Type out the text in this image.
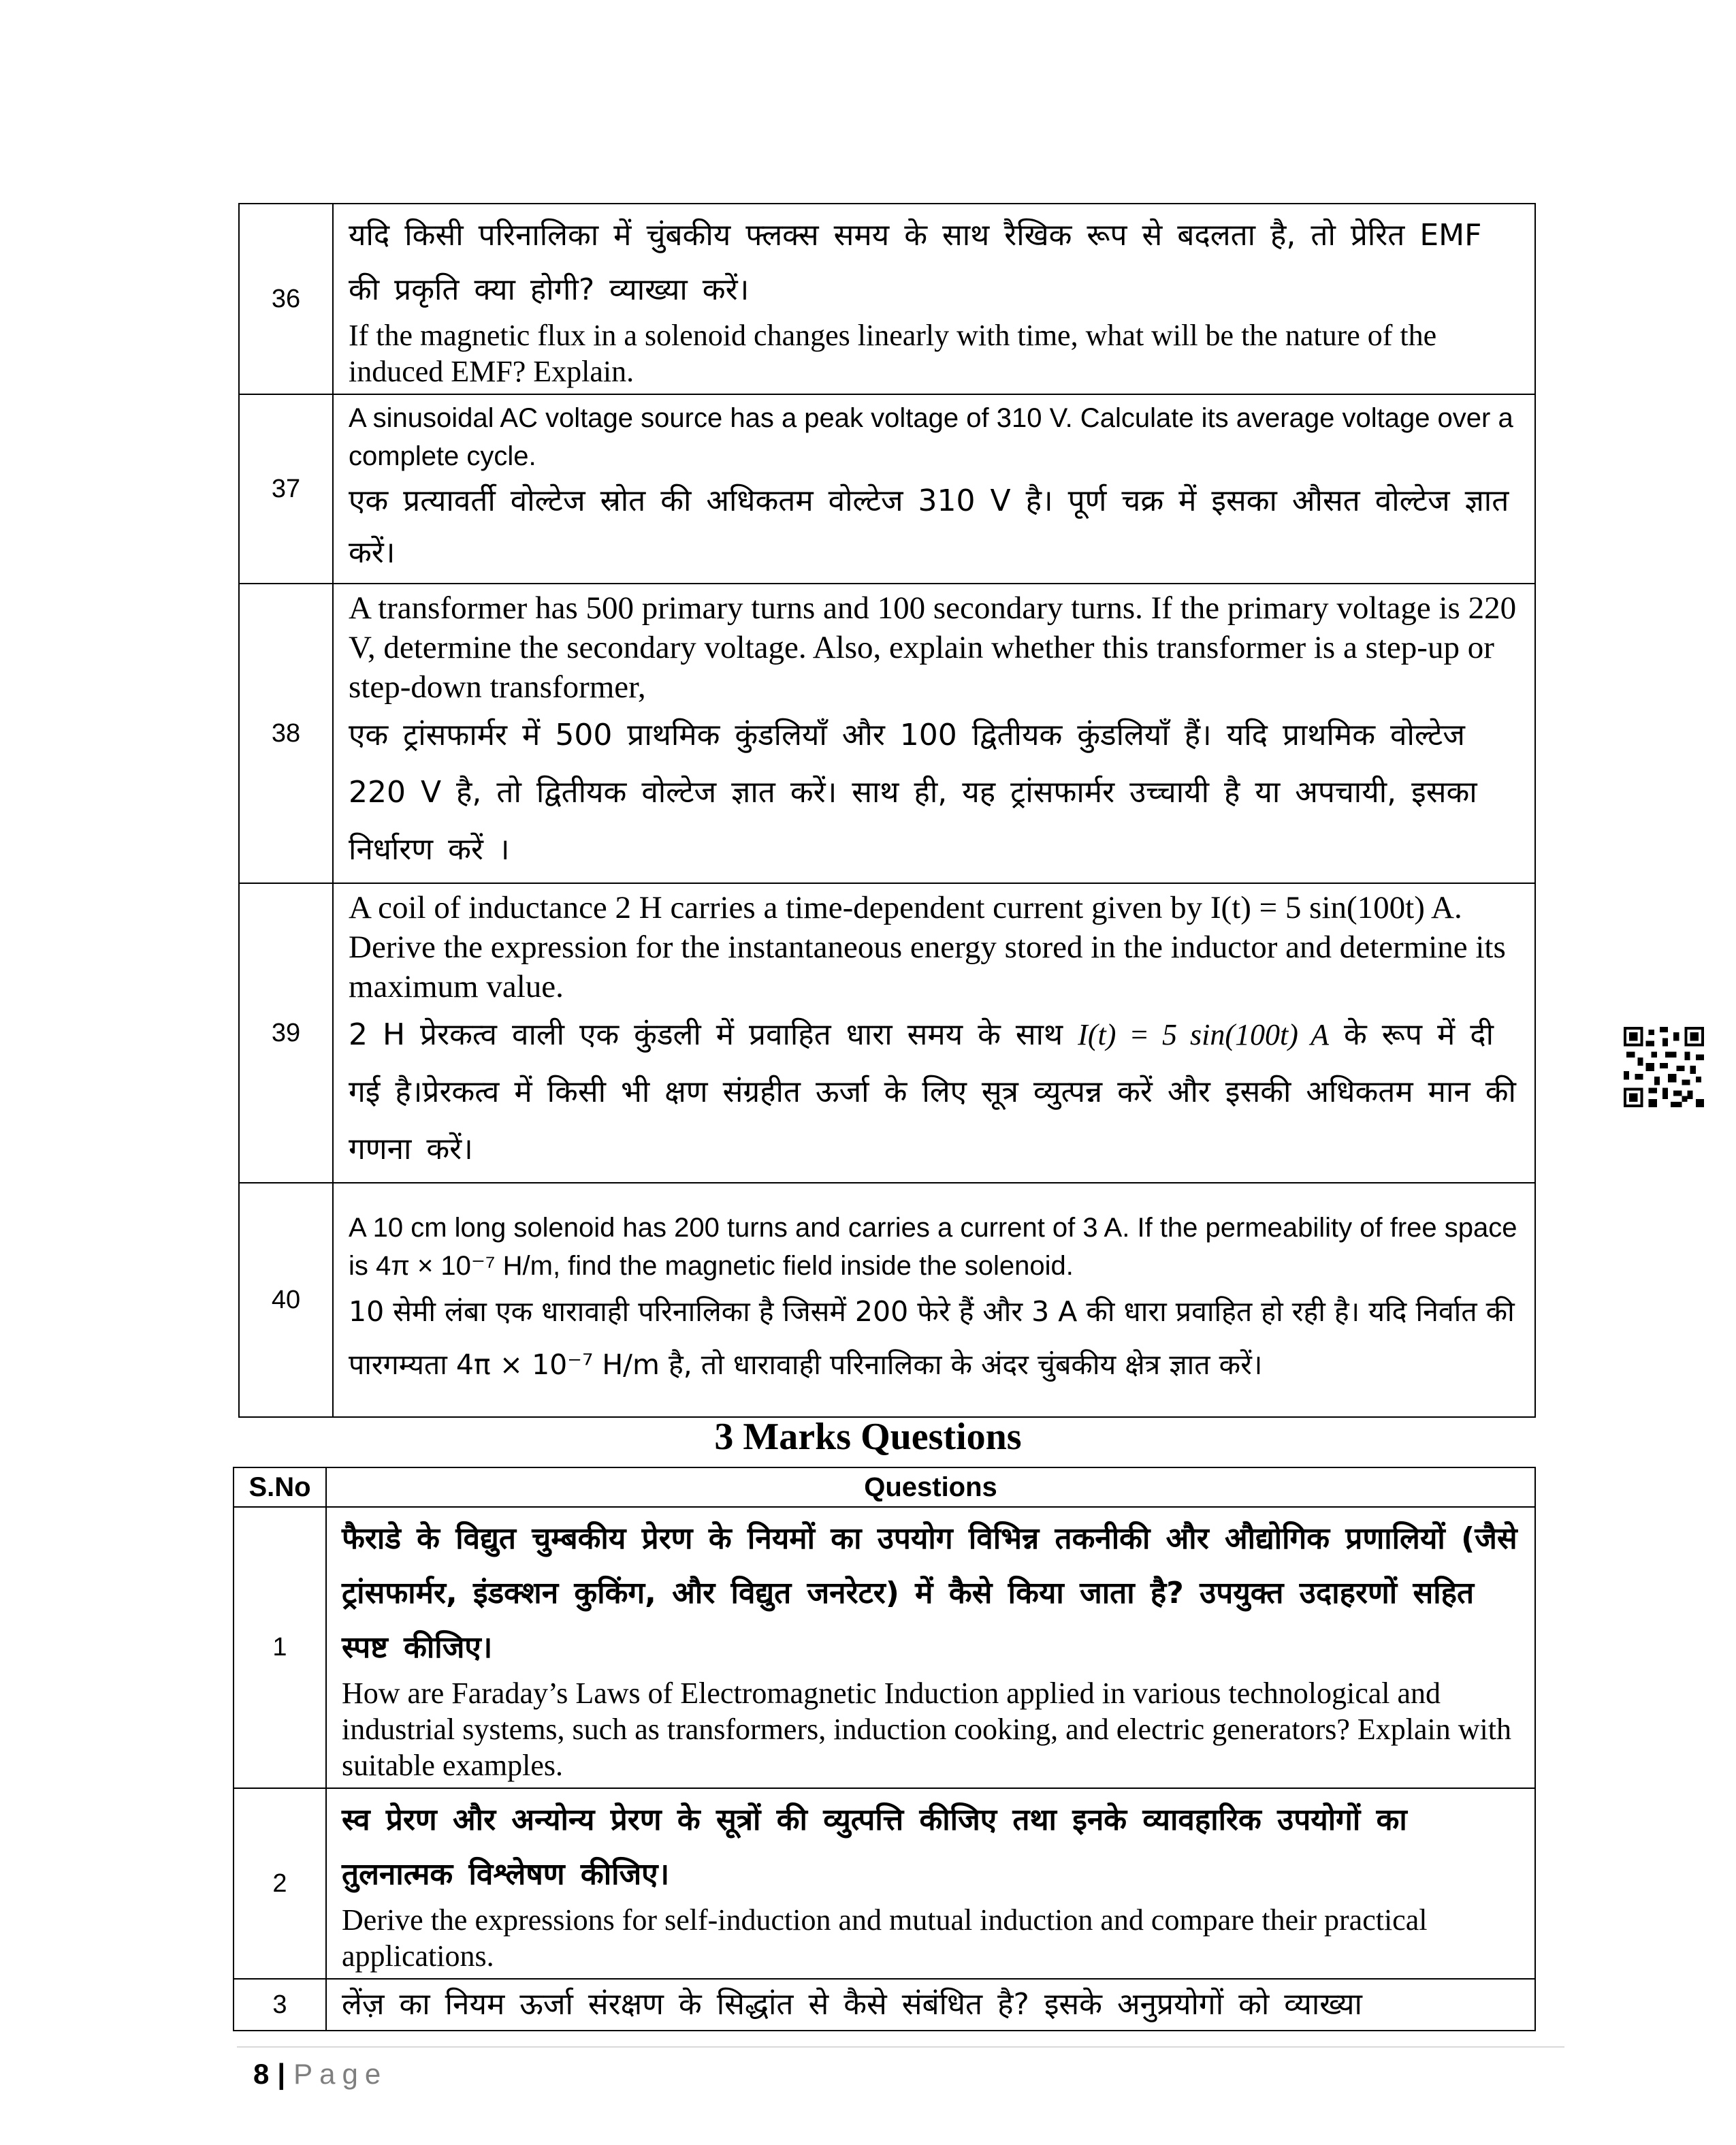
36	यदि किसी परिनालिका में चुंबकीय फ्लक्स समय के साथ रैखिक रूप से बदलता है, तो प्रेरित EMF की प्रकृति क्या होगी? व्याख्या करें।
If the magnetic flux in a solenoid changes linearly with time, what will be the nature of the induced EMF? Explain.

37	A sinusoidal AC voltage source has a peak voltage of 310 V. Calculate its average voltage over a complete cycle.
एक प्रत्यावर्ती वोल्टेज स्रोत की अधिकतम वोल्टेज 310 V है। पूर्ण चक्र में इसका औसत वोल्टेज ज्ञात करें।

38	A transformer has 500 primary turns and 100 secondary turns. If the primary voltage is 220 V, determine the secondary voltage. Also, explain whether this transformer is a step-up or step-down transformer,
एक ट्रांसफार्मर में 500 प्राथमिक कुंडलियाँ और 100 द्वितीयक कुंडलियाँ हैं। यदि प्राथमिक वोल्टेज 220 V है, तो द्वितीयक वोल्टेज ज्ञात करें। साथ ही, यह ट्रांसफार्मर उच्चायी है या अपचायी, इसका निर्धारण करें ।

39	A coil of inductance 2 H carries a time-dependent current given by I(t) = 5 sin(100t) A. Derive the expression for the instantaneous energy stored in the inductor and determine its maximum value.
2 H प्रेरकत्व वाली एक कुंडली में प्रवाहित धारा समय के साथ I(t) = 5 sin(100t) A के रूप में दी गई है।प्रेरकत्व में किसी भी क्षण संग्रहीत ऊर्जा के लिए सूत्र व्युत्पन्न करें और इसकी अधिकतम मान की गणना करें।

40	A 10 cm long solenoid has 200 turns and carries a current of 3 A. If the permeability of free space is 4π × 10⁻⁷ H/m, find the magnetic field inside the solenoid.
10 सेमी लंबा एक धारावाही परिनालिका है जिसमें 200 फेरे हैं और 3 A की धारा प्रवाहित हो रही है। यदि निर्वात की पारगम्यता 4π × 10⁻⁷ H/m है, तो धारावाही परिनालिका के अंदर चुंबकीय क्षेत्र ज्ञात करें।
3 Marks Questions
S.No	Questions
1	फैराडे के विद्युत चुम्बकीय प्रेरण के नियमों का उपयोग विभिन्न तकनीकी और औद्योगिक प्रणालियों (जैसे ट्रांसफार्मर, इंडक्शन कुकिंग, और विद्युत जनरेटर) में कैसे किया जाता है? उपयुक्त उदाहरणों सहित स्पष्ट कीजिए।
How are Faraday’s Laws of Electromagnetic Induction applied in various technological and industrial systems, such as transformers, induction cooking, and electric generators? Explain with suitable examples.

2	स्व प्रेरण और अन्योन्य प्रेरण के सूत्रों की व्युत्पत्ति कीजिए तथा इनके व्यावहारिक उपयोगों का तुलनात्मक विश्लेषण कीजिए।
Derive the expressions for self-induction and mutual induction and compare their practical applications.

3	लेंज़ का नियम ऊर्जा संरक्षण के सिद्धांत से कैसे संबंधित है? इसके अनुप्रयोगों को व्याख्या
8 | Page
